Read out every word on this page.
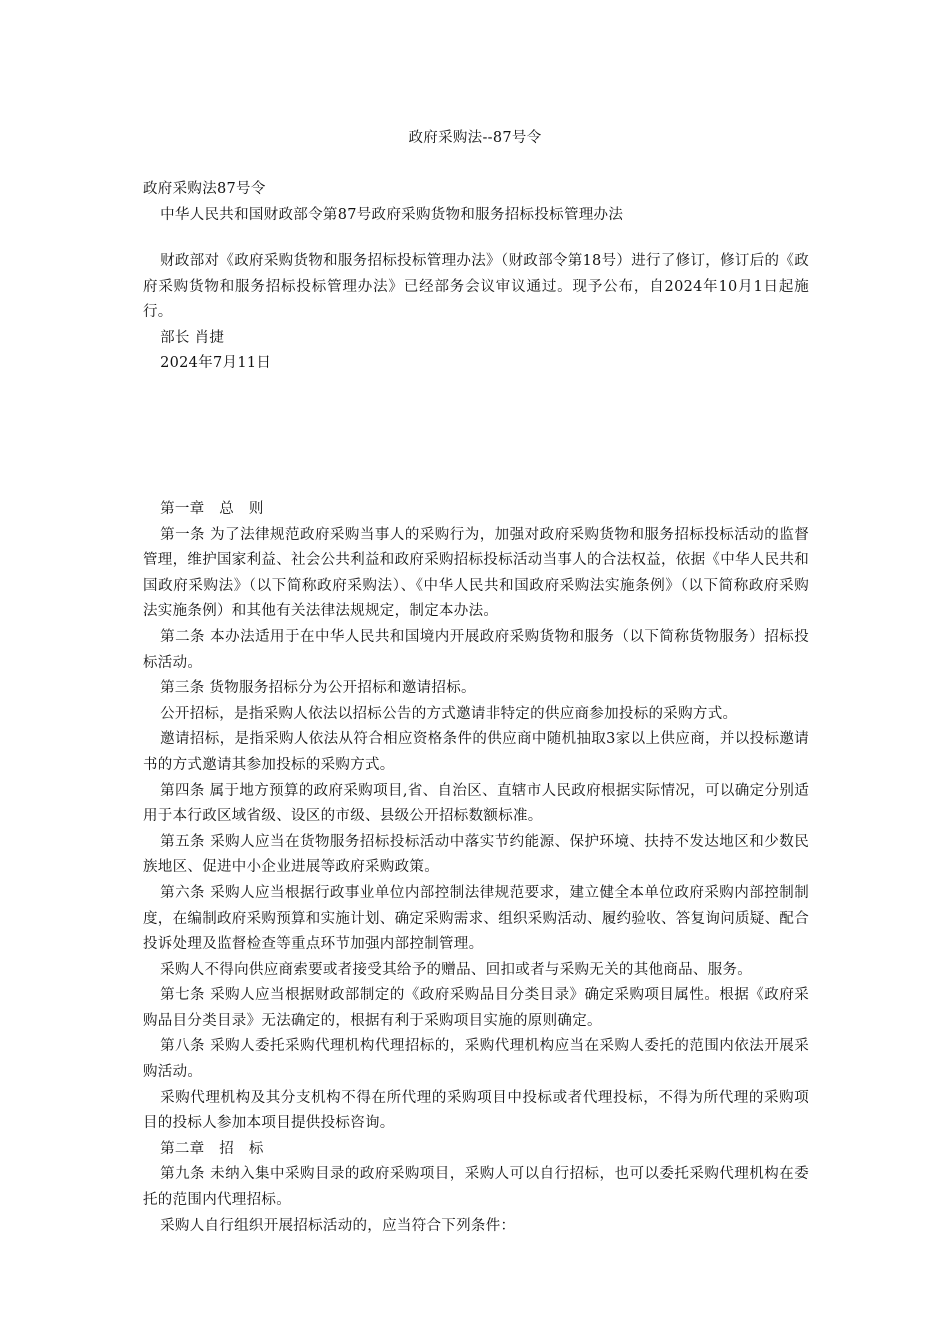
政府采购法--87号令

政府采购法87号令

中华人民共和国财政部令第87号政府采购货物和服务招标投标管理办法

财政部对《政府采购货物和服务招标投标管理办法》（财政部令第18号）进行了修订，修订后的《政府采购货物和服务招标投标管理办法》已经部务会议审议通过。现予公布，自2024年10月1日起施行。

部长 肖捷

2024年7月11日

第一章　总　则

第一条 为了法律规范政府采购当事人的采购行为，加强对政府采购货物和服务招标投标活动的监督管理，维护国家利益、社会公共利益和政府采购招标投标活动当事人的合法权益，依据《中华人民共和国政府采购法》（以下简称政府采购法）、《中华人民共和国政府采购法实施条例》（以下简称政府采购法实施条例）和其他有关法律法规规定，制定本办法。

第二条 本办法适用于在中华人民共和国境内开展政府采购货物和服务（以下简称货物服务）招标投标活动。

第三条 货物服务招标分为公开招标和邀请招标。

公开招标，是指采购人依法以招标公告的方式邀请非特定的供应商参加投标的采购方式。

邀请招标，是指采购人依法从符合相应资格条件的供应商中随机抽取3家以上供应商，并以投标邀请书的方式邀请其参加投标的采购方式。

第四条 属于地方预算的政府采购项目,省、自治区、直辖市人民政府根据实际情况，可以确定分别适用于本行政区域省级、设区的市级、县级公开招标数额标准。

第五条 采购人应当在货物服务招标投标活动中落实节约能源、保护环境、扶持不发达地区和少数民族地区、促进中小企业进展等政府采购政策。

第六条 采购人应当根据行政事业单位内部控制法律规范要求，建立健全本单位政府采购内部控制制度，在编制政府采购预算和实施计划、确定采购需求、组织采购活动、履约验收、答复询问质疑、配合投诉处理及监督检查等重点环节加强内部控制管理。

采购人不得向供应商索要或者接受其给予的赠品、回扣或者与采购无关的其他商品、服务。

第七条 采购人应当根据财政部制定的《政府采购品目分类目录》确定采购项目属性。根据《政府采购品目分类目录》无法确定的，根据有利于采购项目实施的原则确定。

第八条 采购人委托采购代理机构代理招标的，采购代理机构应当在采购人委托的范围内依法开展采购活动。

采购代理机构及其分支机构不得在所代理的采购项目中投标或者代理投标，不得为所代理的采购项目的投标人参加本项目提供投标咨询。

第二章　招　标

第九条 未纳入集中采购目录的政府采购项目，采购人可以自行招标，也可以委托采购代理机构在委托的范围内代理招标。

采购人自行组织开展招标活动的，应当符合下列条件：
